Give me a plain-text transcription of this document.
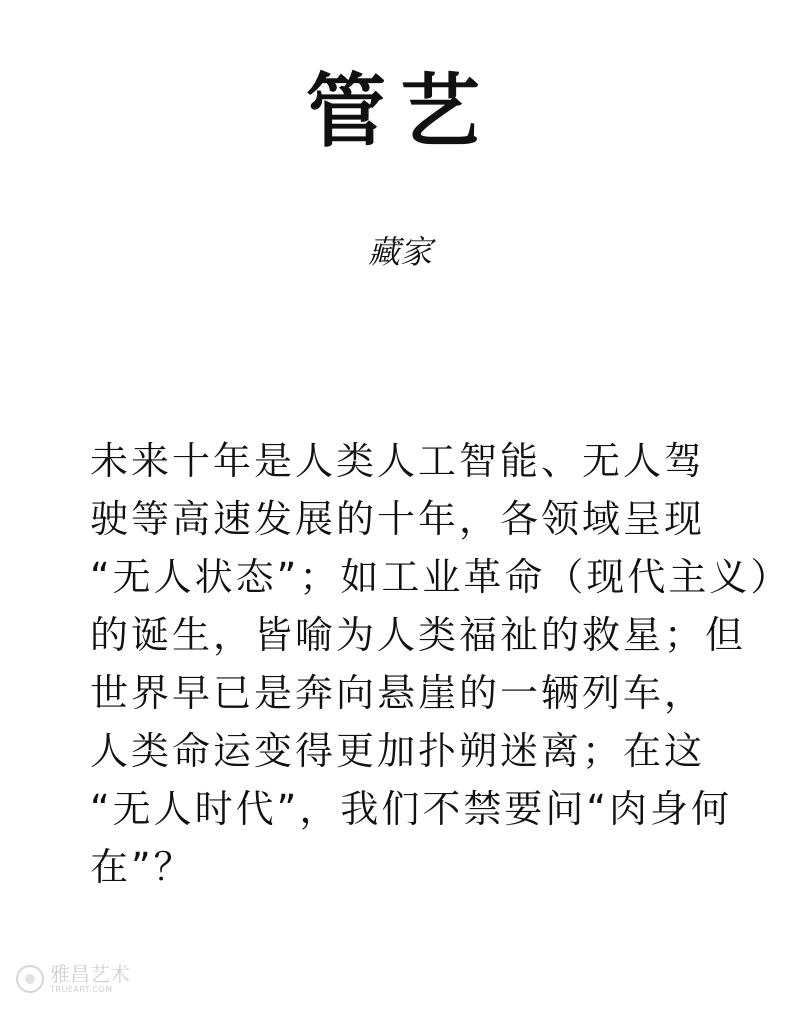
管艺
藏家
未来十年是人类人工智能、无人驾
驶等高速发展的十年，各领域呈现
“无人状态”；如工业革命（现代主义）
的诞生，皆喻为人类福祉的救星；但
世界早已是奔向悬崖的一辆列车，
人类命运变得更加扑朔迷离；在这
“无人时代”，我们不禁要问“肉身何
在”？
雅昌艺术
TRUEART.COM
